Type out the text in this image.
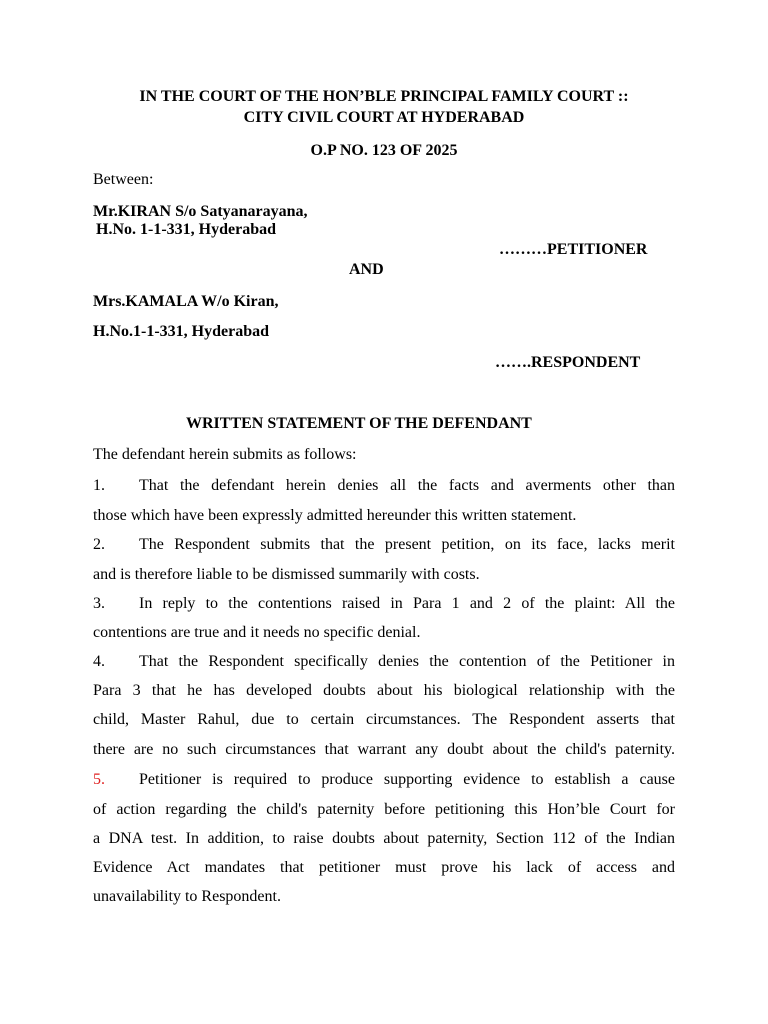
IN THE COURT OF THE HON’BLE PRINCIPAL FAMILY COURT ::
CITY CIVIL COURT AT HYDERABAD
O.P NO. 123 OF 2025
Between:
Mr.KIRAN S/o Satyanarayana,
H.No. 1-1-331, Hyderabad
………PETITIONER
AND
Mrs.KAMALA W/o Kiran,
H.No.1-1-331, Hyderabad
…….RESPONDENT
WRITTEN STATEMENT OF THE DEFENDANT
The defendant herein submits as follows:
1. That the defendant herein denies all the facts and averments other than
those which have been expressly admitted hereunder this written statement.
2. The Respondent submits that the present petition, on its face, lacks merit
and is therefore liable to be dismissed summarily with costs.
3. In reply to the contentions raised in Para 1 and 2 of the plaint: All the
contentions are true and it needs no specific denial.
4. That the Respondent specifically denies the contention of the Petitioner in
Para 3 that he has developed doubts about his biological relationship with the
child, Master Rahul, due to certain circumstances. The Respondent asserts that
there are no such circumstances that warrant any doubt about the child's paternity.
5. Petitioner is required to produce supporting evidence to establish a cause
of action regarding the child's paternity before petitioning this Hon’ble Court for
a DNA test. In addition, to raise doubts about paternity, Section 112 of the Indian
Evidence Act mandates that petitioner must prove his lack of access and
unavailability to Respondent.
